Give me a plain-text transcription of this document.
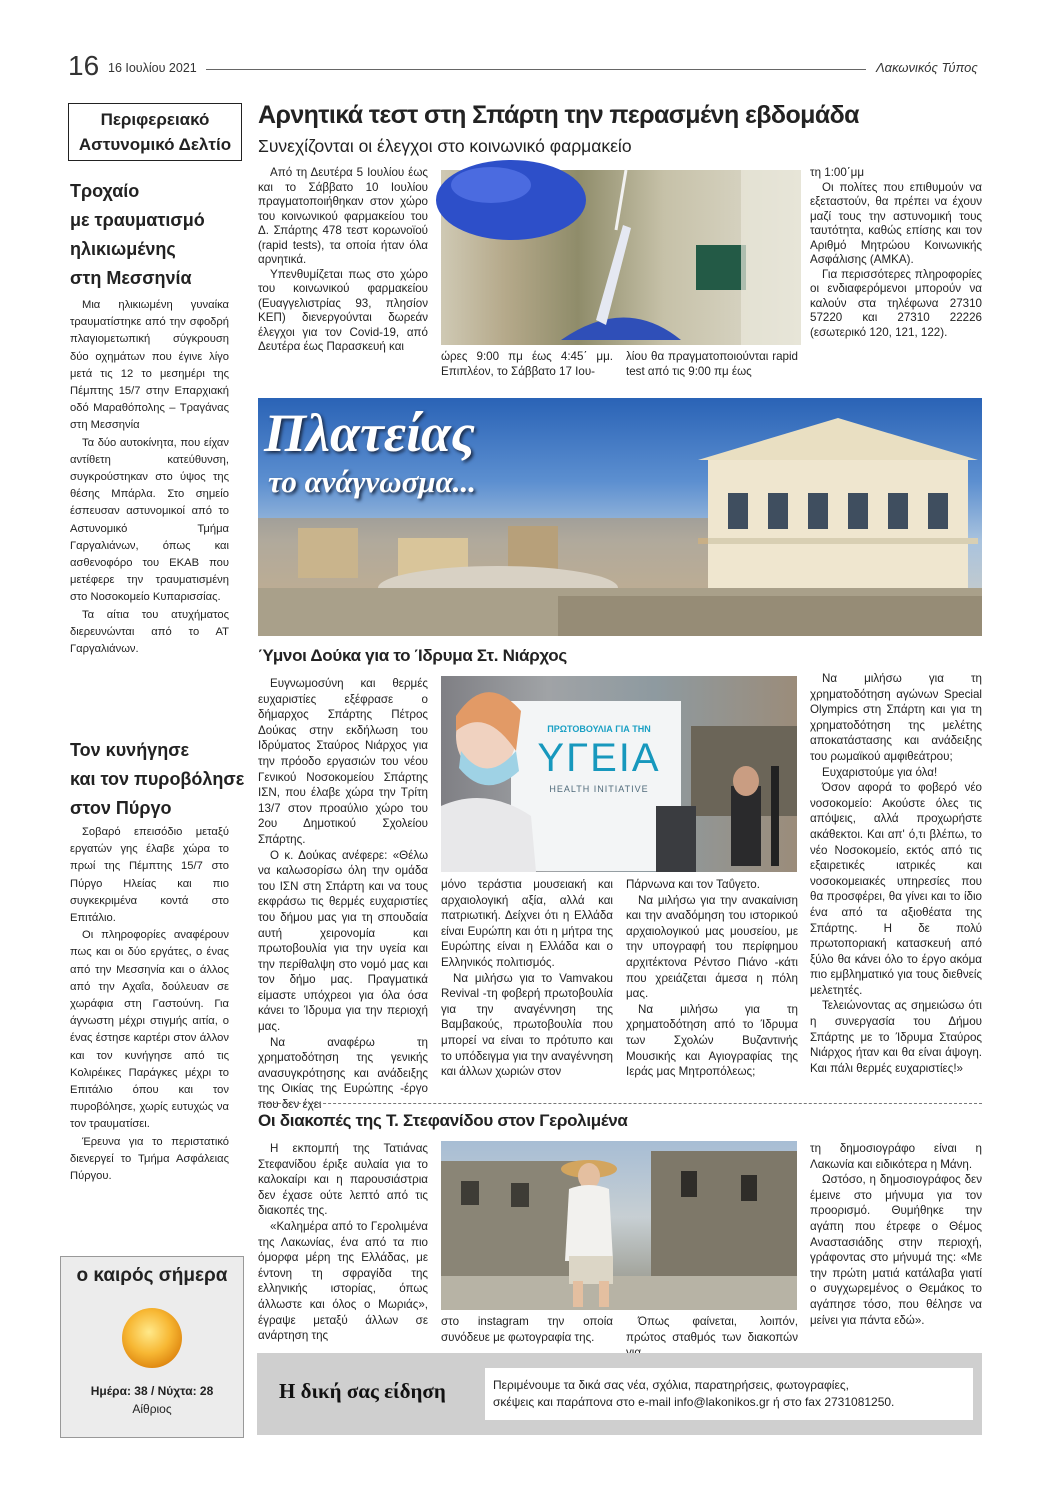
16 16 Ιουλίου 2021	Λακωνικός Τύπος
Περιφερειακό
Αστυνομικό Δελτίο
Τροχαίο
με τραυματισμό
ηλικιωμένης
στη Μεσσηνία

Μια ηλικιωμένη γυναίκα τραυματίστηκε από την σφοδρή πλαγιομετωπική σύγκρουση δύο οχημάτων που έγινε λίγο μετά τις 12 το μεσημέρι της Πέμπτης 15/7 στην Επαρχιακή οδό Μαραθόπολης – Τραγάνας στη Μεσσηνία

Τα δύο αυτοκίνητα, που είχαν αντίθετη κατεύθυνση, συγκρούστηκαν στο ύψος της θέσης Μπάρλα. Στο σημείο έσπευσαν αστυνομικοί από το Αστυνομικό Τμήμα Γαργαλιάνων, όπως και ασθενοφόρο του ΕΚΑΒ που μετέφερε την τραυματισμένη στο Νοσοκομείο Κυπαρισσίας.

Τα αίτια του ατυχήματος διερευνώνται από το ΑΤ Γαργαλιάνων.

Τον κυνήγησε
και τον πυροβόλησε
στον Πύργο

Σοβαρό επεισόδιο μεταξύ εργατών γης έλαβε χώρα το πρωί της Πέμπτης 15/7 στο Πύργο Ηλείας και πιο συγκεκριμένα κοντά στο Επιτάλιο.

Οι πληροφορίες αναφέρουν πως και οι δύο εργάτες, ο ένας από την Μεσσηνία και ο άλλος από την Αχαΐα, δούλευαν σε χωράφια στη Γαστούνη. Για άγνωστη μέχρι στιγμής αιτία, ο ένας έστησε καρτέρι στον άλλον και τον κυνήγησε από τις Κολιρέικες Παράγκες μέχρι το Επιτάλιο όπου και τον πυροβόλησε, χωρίς ευτυχώς να τον τραυματίσει.

Έρευνα για το περιστατικό διενεργεί το Τμήμα Ασφάλειας Πύργου.

ο καιρός σήμερα
Ημέρα: 38 / Νύχτα: 28
Αίθριος
Αρνητικά τεστ στη Σπάρτη την περασμένη εβδομάδα
Συνεχίζονται οι έλεγχοι στο κοινωνικό φαρμακείο

Από τη Δευτέρα 5 Ιουλίου έως και το Σάββατο 10 Ιουλίου πραγματοποιήθηκαν στον χώρο του κοινωνικού φαρμακείου του Δ. Σπάρτης 478 τεστ κορωνοϊού (rapid tests), τα οποία ήταν όλα αρνητικά.

Υπενθυμίζεται πως στο χώρο του κοινωνικού φαρμακείου (Ευαγγελιστρίας 93, πλησίον ΚΕΠ) διενεργούνται δωρεάν έλεγχοι για τον Covid-19, από Δευτέρα έως Παρασκευή και

ώρες 9:00 πμ έως 4:45΄ μμ. Επιπλέον, το Σάββατο 17 Ιου-

λίου θα πραγματοποιούνται rapid test από τις 9:00 πμ έως

τη 1:00΄μμ

Οι πολίτες που επιθυμούν να εξεταστούν, θα πρέπει να έχουν μαζί τους την αστυνομική τους ταυτότητα, καθώς επίσης και τον Αριθμό Μητρώου Κοινωνικής Ασφάλισης (ΑΜΚΑ).

Για περισσότερες πληροφορίες οι ενδιαφερόμενοι μπορούν να καλούν στα τηλέφωνα 27310 57220 και 27310 22226 (εσωτερικό 120, 121, 122).

Πλατείας
το ανάγνωσμα...
Ύμνοι Δούκα για το Ίδρυμα Στ. Νιάρχος

Ευγνωμοσύνη και θερμές ευχαριστίες εξέφρασε ο δήμαρχος Σπάρτης Πέτρος Δούκας στην εκδήλωση του Ιδρύματος Σταύρος Νιάρχος για την πρόοδο εργασιών του νέου Γενικού Νοσοκομείου Σπάρτης ΙΣΝ, που έλαβε χώρα την Τρίτη 13/7 στον προαύλιο χώρο του 2ου Δημοτικού Σχολείου Σπάρτης.

Ο κ. Δούκας ανέφερε: «Θέλω να καλωσορίσω όλη την ομάδα του ΙΣΝ στη Σπάρτη και να τους εκφράσω τις θερμές ευχαριστίες του δήμου μας για τη σπουδαία αυτή χειρονομία και πρωτοβουλία για την υγεία και την περίθαλψη στο νομό μας και τον δήμο μας. Πραγματικά είμαστε υπόχρεοι για όλα όσα κάνει το Ίδρυμα για την περιοχή μας.

Να αναφέρω τη χρηματοδότηση της γενικής ανασυγκρότησης και ανάδειξης της Οικίας της Ευρώπης -έργο που δεν έχει

ΠΡΩΤΟΒΟΥΛΙΑ ΓΙΑ ΤΗΝ
ΥΓΕΙΑ
HEALTH INITIATIVE

μόνο τεράστια μουσειακή και αρχαιολογική αξία, αλλά και πατριωτική. Δείχνει ότι η Ελλάδα είναι Ευρώπη και ότι η μήτρα της Ευρώπης είναι η Ελλάδα και ο Ελληνικός πολιτισμός.

Να μιλήσω για το Vamvakou Revival -τη φοβερή πρωτοβουλία για την αναγέννηση της Βαμβακούς, πρωτοβουλία που μπορεί να είναι το πρότυπο και το υπόδειγμα για την αναγέννηση και άλλων χωριών στον

Πάρνωνα και τον Ταΰγετο.

Να μιλήσω για την ανακαίνιση και την αναδόμηση του ιστορικού αρχαιολογικού μας μουσείου, με την υπογραφή του περίφημου αρχιτέκτονα Ρέντσο Πιάνο -κάτι που χρειάζεται άμεσα η πόλη μας.

Να μιλήσω για τη χρηματοδότηση από το Ίδρυμα των Σχολών Βυζαντινής Μουσικής και Αγιογραφίας της Ιεράς μας Μητροπόλεως;

Να μιλήσω για τη χρηματοδότηση αγώνων Special Olympics στη Σπάρτη και για τη χρηματοδότηση της μελέτης αποκατάστασης και ανάδειξης του ρωμαϊκού αμφιθεάτρου;

Ευχαριστούμε για όλα!

Όσον αφορά το φοβερό νέο νοσοκομείο: Ακούστε όλες τις απόψεις, αλλά προχωρήστε ακάθεκτοι. Και απ' ό,τι βλέπω, το νέο Νοσοκομείο, εκτός από τις εξαιρετικές ιατρικές και νοσοκομειακές υπηρεσίες που θα προσφέρει, θα γίνει και το ίδιο ένα από τα αξιοθέατα της Σπάρτης. Η δε πολύ πρωτοποριακή κατασκευή από ξύλο θα κάνει όλο το έργο ακόμα πιο εμβληματικό για τους διεθνείς μελετητές.

Τελειώνοντας ας σημειώσω ότι η συνεργασία του Δήμου Σπάρτης με το Ίδρυμα Σταύρος Νιάρχος ήταν και θα είναι άψογη. Και πάλι θερμές ευχαριστίες!»

Οι διακοπές της Τ. Στεφανίδου στον Γερολιμένα

Η εκπομπή της Τατιάνας Στεφανίδου έριξε αυλαία για το καλοκαίρι και η παρουσιάστρια δεν έχασε ούτε λεπτό από τις διακοπές της.

«Καλημέρα από το Γερολιμένα της Λακωνίας, ένα από τα πιο όμορφα μέρη της Ελλάδας, με έντονη τη σφραγίδα της ελληνικής ιστορίας, όπως άλλωστε και όλος ο Μωριάς», έγραψε μεταξύ άλλων σε ανάρτηση της

στο instagram την οποία συνόδευε με φωτογραφία της.

Όπως φαίνεται, λοιπόν, πρώτος σταθμός των διακοπών

τη δημοσιογράφο είναι η Λακωνία και ειδικότερα η Μάνη.

Ωστόσο, η δημοσιογράφος δεν έμεινε στο μήνυμα για τον προορισμό. Θυμήθηκε την αγάπη που έτρεφε ο Θέμος Αναστασιάδης στην περιοχή, γράφοντας στο μήνυμά της: «Με την πρώτη ματιά κατάλαβα γιατί ο συγχωρεμένος ο Θεμάκος το αγάπησε τόσο, που θέλησε να μείνει για πάντα εδώ».

Η δική σας είδηση	Περιμένουμε τα δικά σας νέα, σχόλια, παρατηρήσεις, φωτογραφίες,
σκέψεις και παράπονα στο e-mail info@lakonikos.gr ή στο fax 2731081250.
